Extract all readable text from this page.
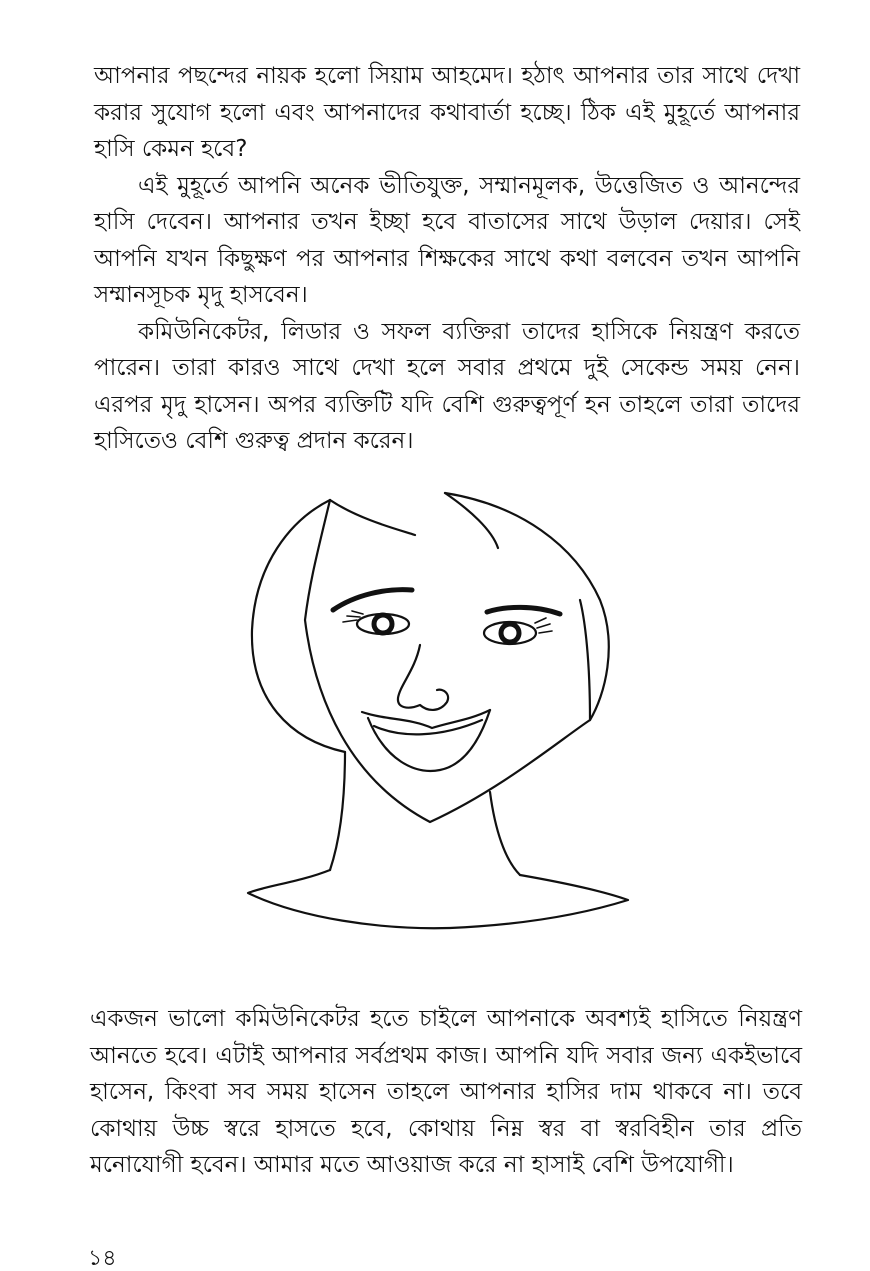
আপনার পছন্দের নায়ক হলো সিয়াম আহমেদ। হঠাৎ আপনার তার সাথে দেখা করার সুযোগ হলো এবং আপনাদের কথাবার্তা হচ্ছে। ঠিক এই মুহূর্তে আপনার হাসি কেমন হবে?

এই মুহূর্তে আপনি অনেক ভীতিযুক্ত, সম্মানমূলক, উত্তেজিত ও আনন্দের হাসি দেবেন। আপনার তখন ইচ্ছা হবে বাতাসের সাথে উড়াল দেয়ার। সেই আপনি যখন কিছুক্ষণ পর আপনার শিক্ষকের সাথে কথা বলবেন তখন আপনি সম্মানসূচক মৃদু হাসবেন।

কমিউনিকেটর, লিডার ও সফল ব্যক্তিরা তাদের হাসিকে নিয়ন্ত্রণ করতে পারেন। তারা কারও সাথে দেখা হলে সবার প্রথমে দুই সেকেন্ড সময় নেন। এরপর মৃদু হাসেন। অপর ব্যক্তিটি যদি বেশি গুরুত্বপূর্ণ হন তাহলে তারা তাদের হাসিতেও বেশি গুরুত্ব প্রদান করেন।

একজন ভালো কমিউনিকেটর হতে চাইলে আপনাকে অবশ্যই হাসিতে নিয়ন্ত্রণ আনতে হবে। এটাই আপনার সর্বপ্রথম কাজ। আপনি যদি সবার জন্য একইভাবে হাসেন, কিংবা সব সময় হাসেন তাহলে আপনার হাসির দাম থাকবে না। তবে কোথায় উচ্চ স্বরে হাসতে হবে, কোথায় নিম্ন স্বর বা স্বরবিহীন তার প্রতি মনোযোগী হবেন। আমার মতে আওয়াজ করে না হাসাই বেশি উপযোগী।

১৪
